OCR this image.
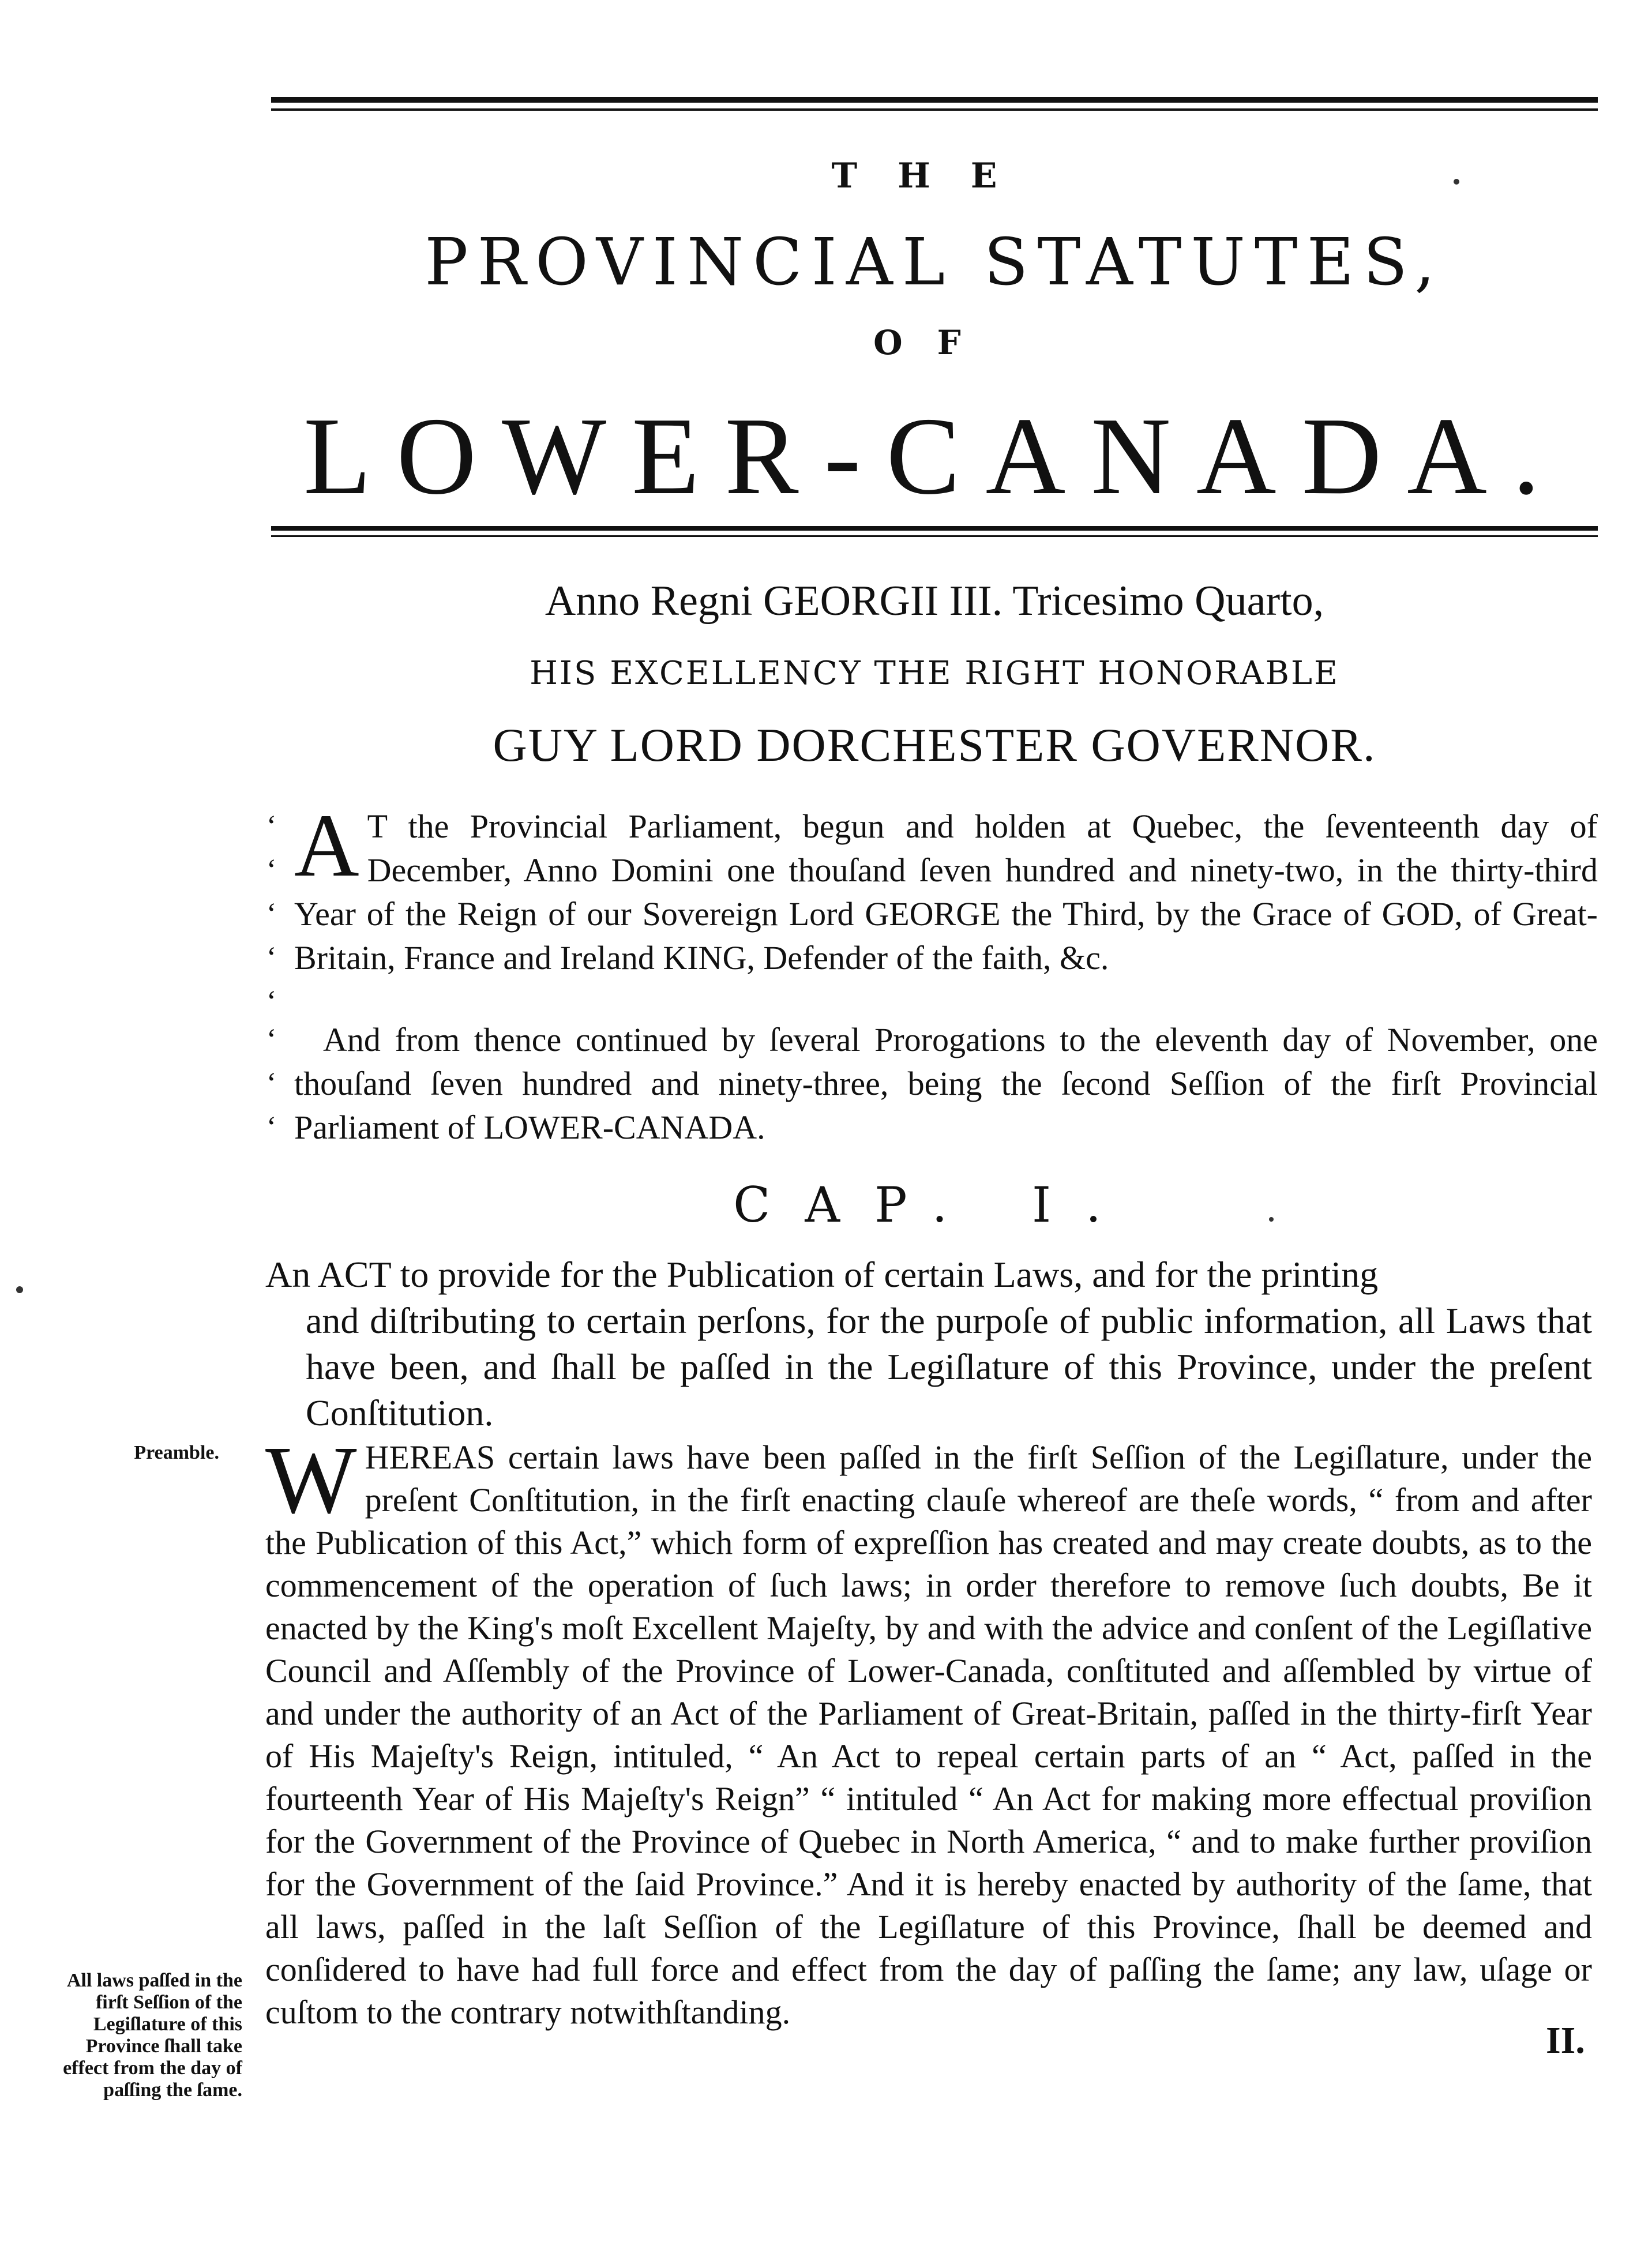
THE
PROVINCIAL STATUTES,
OF
LOWER-CANADA.
Anno Regni GEORGII III. Tricesimo Quarto,
HIS EXCELLENCY THE RIGHT HONORABLE
GUY LORD DORCHESTER GOVERNOR.
‘
‘
‘
‘
‘
A T the Provincial Parliament, begun and holden at Quebec, the ſeventeenth day of December, Anno Domini one thouſand ſeven hundred and ninety-two, in the thirty-third Year of the Reign of our Sovereign Lord GEORGE the Third, by the Grace of GOD, of Great-Britain, France and Ireland KING, Defender of the faith, &c.
‘
‘
‘
And from thence continued by ſeveral Prorogations to the eleventh day of November, one thouſand ſeven hundred and ninety-three, being the ſecond Seſſion of the firſt Provincial Parliament of LOWER-CANADA.
CAP. I.
An ACT to provide for the Publication of certain Laws, and for the printing
and diſtributing to certain perſons, for the purpoſe of public information, all Laws that have been, and ſhall be paſſed in the Legiſlature of this Province, under the preſent Conſtitution.
Preamble.
All laws paſſed in the firſt Seſſion of the Legiſlature of this Province ſhall take effect from the day of paſſing the ſame.
W HEREAS certain laws have been paſſed in the firſt Seſſion of the Legiſlature, under the preſent Conſtitution, in the firſt enacting clauſe whereof are theſe words, “ from and after the Publication of this Act,” which form of expreſſion has created and may create doubts, as to the commencement of the operation of ſuch laws; in order therefore to remove ſuch doubts, Be it enacted by the King's moſt Excellent Majeſty, by and with the advice and conſent of the Legiſlative Council and Aſſembly of the Province of Lower-Canada, conſtituted and aſſembled by virtue of and under the authority of an Act of the Parliament of Great-Britain, paſſed in the thirty-firſt Year of His Majeſty's Reign, intituled, “ An Act to repeal certain parts of an “ Act, paſſed in the fourteenth Year of His Majeſty's Reign” “ intituled “ An Act for making more effectual proviſion for the Government of the Province of Quebec in North America, “ and to make further proviſion for the Government of the ſaid Province.” And it is hereby enacted by authority of the ſame, that all laws, paſſed in the laſt Seſſion of the Legiſlature of this Province, ſhall be deemed and conſidered to have had full force and effect from the day of paſſing the ſame; any law, uſage or cuſtom to the contrary notwithſtanding.
II.
